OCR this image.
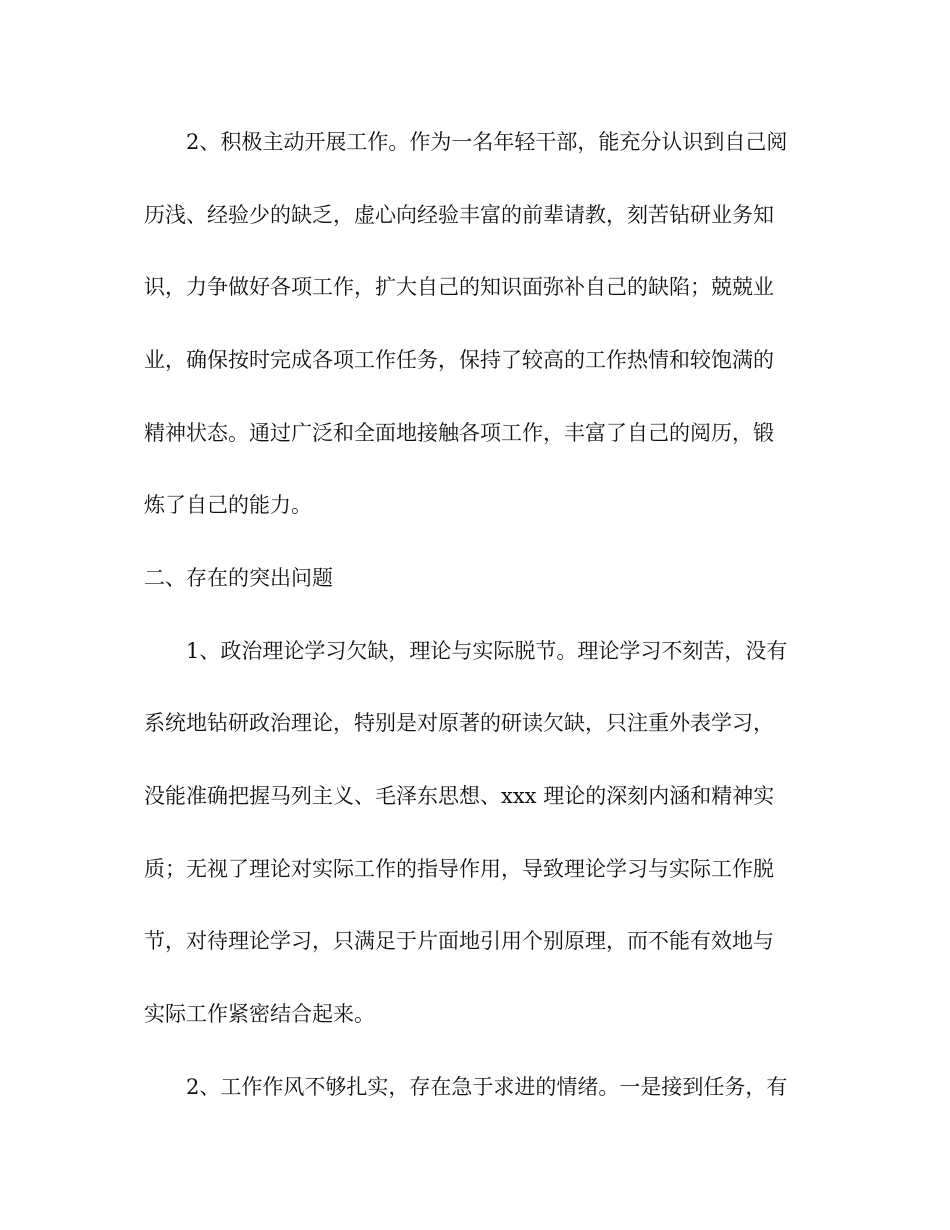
　　2、积极主动开展工作。作为一名年轻干部，能充分认识到自己阅
历浅、经验少的缺乏，虚心向经验丰富的前辈请教，刻苦钻研业务知
识，力争做好各项工作，扩大自己的知识面弥补自己的缺陷；兢兢业
业，确保按时完成各项工作任务，保持了较高的工作热情和较饱满的
精神状态。通过广泛和全面地接触各项工作，丰富了自己的阅历，锻
炼了自己的能力。
二、存在的突出问题
　　1、政治理论学习欠缺，理论与实际脱节。理论学习不刻苦，没有
系统地钻研政治理论，特别是对原著的研读欠缺，只注重外表学习，
没能准确把握马列主义、毛泽东思想、xxx 理论的深刻内涵和精神实
质；无视了理论对实际工作的指导作用，导致理论学习与实际工作脱
节，对待理论学习，只满足于片面地引用个别原理，而不能有效地与
实际工作紧密结合起来。
　　2、工作作风不够扎实，存在急于求进的情绪。一是接到任务，有
